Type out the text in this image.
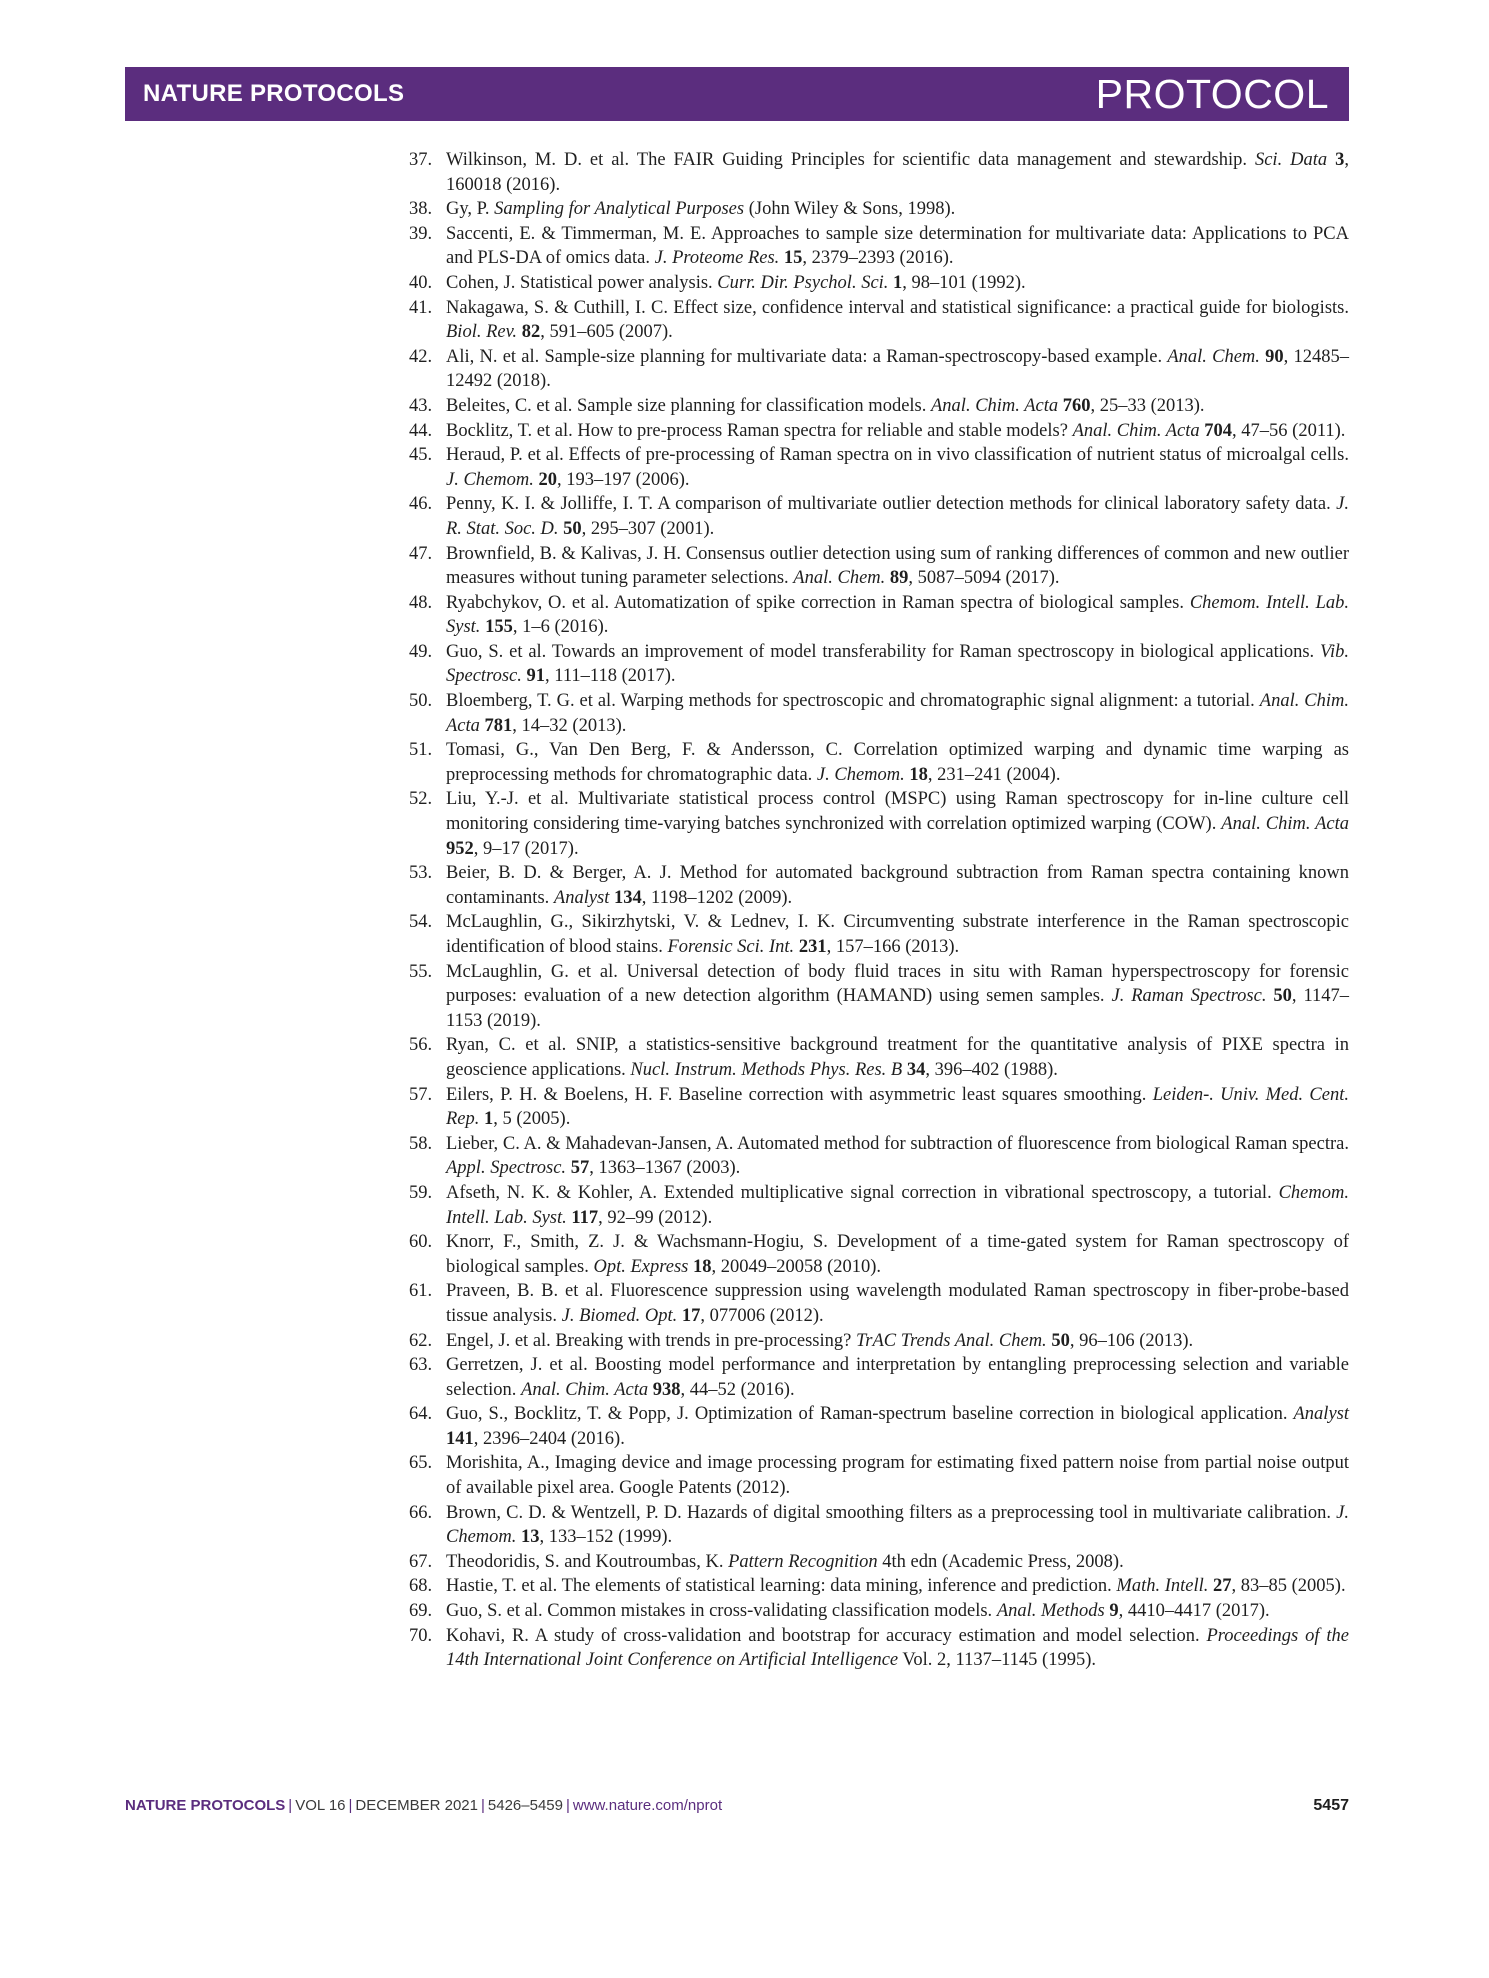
NATURE PROTOCOLS	PROTOCOL
37. Wilkinson, M. D. et al. The FAIR Guiding Principles for scientific data management and stewardship. Sci. Data 3, 160018 (2016).
38. Gy, P. Sampling for Analytical Purposes (John Wiley & Sons, 1998).
39. Saccenti, E. & Timmerman, M. E. Approaches to sample size determination for multivariate data: Applications to PCA and PLS-DA of omics data. J. Proteome Res. 15, 2379–2393 (2016).
40. Cohen, J. Statistical power analysis. Curr. Dir. Psychol. Sci. 1, 98–101 (1992).
41. Nakagawa, S. & Cuthill, I. C. Effect size, confidence interval and statistical significance: a practical guide for biologists. Biol. Rev. 82, 591–605 (2007).
42. Ali, N. et al. Sample-size planning for multivariate data: a Raman-spectroscopy-based example. Anal. Chem. 90, 12485–12492 (2018).
43. Beleites, C. et al. Sample size planning for classification models. Anal. Chim. Acta 760, 25–33 (2013).
44. Bocklitz, T. et al. How to pre-process Raman spectra for reliable and stable models? Anal. Chim. Acta 704, 47–56 (2011).
45. Heraud, P. et al. Effects of pre-processing of Raman spectra on in vivo classification of nutrient status of microalgal cells. J. Chemom. 20, 193–197 (2006).
46. Penny, K. I. & Jolliffe, I. T. A comparison of multivariate outlier detection methods for clinical laboratory safety data. J. R. Stat. Soc. D. 50, 295–307 (2001).
47. Brownfield, B. & Kalivas, J. H. Consensus outlier detection using sum of ranking differences of common and new outlier measures without tuning parameter selections. Anal. Chem. 89, 5087–5094 (2017).
48. Ryabchykov, O. et al. Automatization of spike correction in Raman spectra of biological samples. Chemom. Intell. Lab. Syst. 155, 1–6 (2016).
49. Guo, S. et al. Towards an improvement of model transferability for Raman spectroscopy in biological applications. Vib. Spectrosc. 91, 111–118 (2017).
50. Bloemberg, T. G. et al. Warping methods for spectroscopic and chromatographic signal alignment: a tutorial. Anal. Chim. Acta 781, 14–32 (2013).
51. Tomasi, G., Van Den Berg, F. & Andersson, C. Correlation optimized warping and dynamic time warping as preprocessing methods for chromatographic data. J. Chemom. 18, 231–241 (2004).
52. Liu, Y.-J. et al. Multivariate statistical process control (MSPC) using Raman spectroscopy for in-line culture cell monitoring considering time-varying batches synchronized with correlation optimized warping (COW). Anal. Chim. Acta 952, 9–17 (2017).
53. Beier, B. D. & Berger, A. J. Method for automated background subtraction from Raman spectra containing known contaminants. Analyst 134, 1198–1202 (2009).
54. McLaughlin, G., Sikirzhytski, V. & Lednev, I. K. Circumventing substrate interference in the Raman spectroscopic identification of blood stains. Forensic Sci. Int. 231, 157–166 (2013).
55. McLaughlin, G. et al. Universal detection of body fluid traces in situ with Raman hyperspectroscopy for forensic purposes: evaluation of a new detection algorithm (HAMAND) using semen samples. J. Raman Spectrosc. 50, 1147–1153 (2019).
56. Ryan, C. et al. SNIP, a statistics-sensitive background treatment for the quantitative analysis of PIXE spectra in geoscience applications. Nucl. Instrum. Methods Phys. Res. B 34, 396–402 (1988).
57. Eilers, P. H. & Boelens, H. F. Baseline correction with asymmetric least squares smoothing. Leiden-. Univ. Med. Cent. Rep. 1, 5 (2005).
58. Lieber, C. A. & Mahadevan-Jansen, A. Automated method for subtraction of fluorescence from biological Raman spectra. Appl. Spectrosc. 57, 1363–1367 (2003).
59. Afseth, N. K. & Kohler, A. Extended multiplicative signal correction in vibrational spectroscopy, a tutorial. Chemom. Intell. Lab. Syst. 117, 92–99 (2012).
60. Knorr, F., Smith, Z. J. & Wachsmann-Hogiu, S. Development of a time-gated system for Raman spectroscopy of biological samples. Opt. Express 18, 20049–20058 (2010).
61. Praveen, B. B. et al. Fluorescence suppression using wavelength modulated Raman spectroscopy in fiber-probe-based tissue analysis. J. Biomed. Opt. 17, 077006 (2012).
62. Engel, J. et al. Breaking with trends in pre-processing? TrAC Trends Anal. Chem. 50, 96–106 (2013).
63. Gerretzen, J. et al. Boosting model performance and interpretation by entangling preprocessing selection and variable selection. Anal. Chim. Acta 938, 44–52 (2016).
64. Guo, S., Bocklitz, T. & Popp, J. Optimization of Raman-spectrum baseline correction in biological application. Analyst 141, 2396–2404 (2016).
65. Morishita, A., Imaging device and image processing program for estimating fixed pattern noise from partial noise output of available pixel area. Google Patents (2012).
66. Brown, C. D. & Wentzell, P. D. Hazards of digital smoothing filters as a preprocessing tool in multivariate calibration. J. Chemom. 13, 133–152 (1999).
67. Theodoridis, S. and Koutroumbas, K. Pattern Recognition 4th edn (Academic Press, 2008).
68. Hastie, T. et al. The elements of statistical learning: data mining, inference and prediction. Math. Intell. 27, 83–85 (2005).
69. Guo, S. et al. Common mistakes in cross-validating classification models. Anal. Methods 9, 4410–4417 (2017).
70. Kohavi, R. A study of cross-validation and bootstrap for accuracy estimation and model selection. Proceedings of the 14th International Joint Conference on Artificial Intelligence Vol. 2, 1137–1145 (1995).
NATURE PROTOCOLS | VOL 16 | DECEMBER 2021 | 5426–5459 | www.nature.com/nprot	5457
